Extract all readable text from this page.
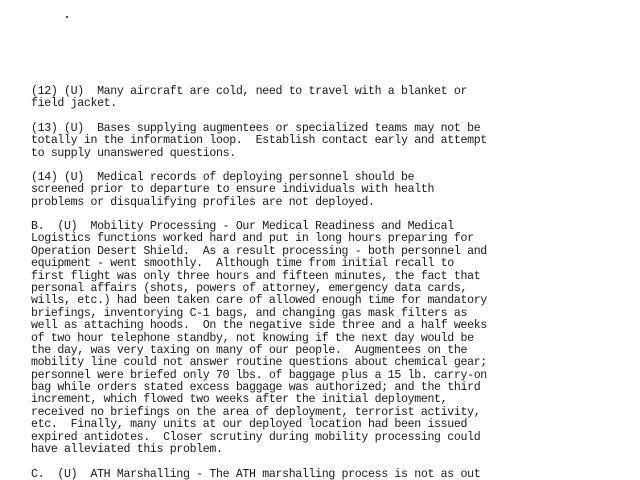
(12) (U)  Many aircraft are cold, need to travel with a blanket or
field jacket.
(13) (U)  Bases supplying augmentees or specialized teams may not be
totally in the information loop.  Establish contact early and attempt
to supply unanswered questions.
(14) (U)  Medical records of deploying personnel should be
screened prior to departure to ensure individuals with health
problems or disqualifying profiles are not deployed.
B.  (U)  Mobility Processing - Our Medical Readiness and Medical
Logistics functions worked hard and put in long hours preparing for
Operation Desert Shield.  As a result processing - both personnel and
equipment - went smoothly.  Although time from initial recall to
first flight was only three hours and fifteen minutes, the fact that
personal affairs (shots, powers of attorney, emergency data cards,
wills, etc.) had been taken care of allowed enough time for mandatory
briefings, inventorying C-1 bags, and changing gas mask filters as
well as attaching hoods.  On the negative side three and a half weeks
of two hour telephone standby, not knowing if the next day would be
the day, was very taxing on many of our people.  Augmentees on the
mobility line could not answer routine questions about chemical gear;
personnel were briefed only 70 lbs. of baggage plus a 15 lb. carry-on
bag while orders stated excess baggage was authorized; and the third
increment, which flowed two weeks after the initial deployment,
received no briefings on the area of deployment, terrorist activity,
etc.  Finally, many units at our deployed location had been issued
expired antidotes.  Closer scrutiny during mobility processing could
have alleviated this problem.
C.  (U)  ATH Marshalling - The ATH marshalling process is not as out
